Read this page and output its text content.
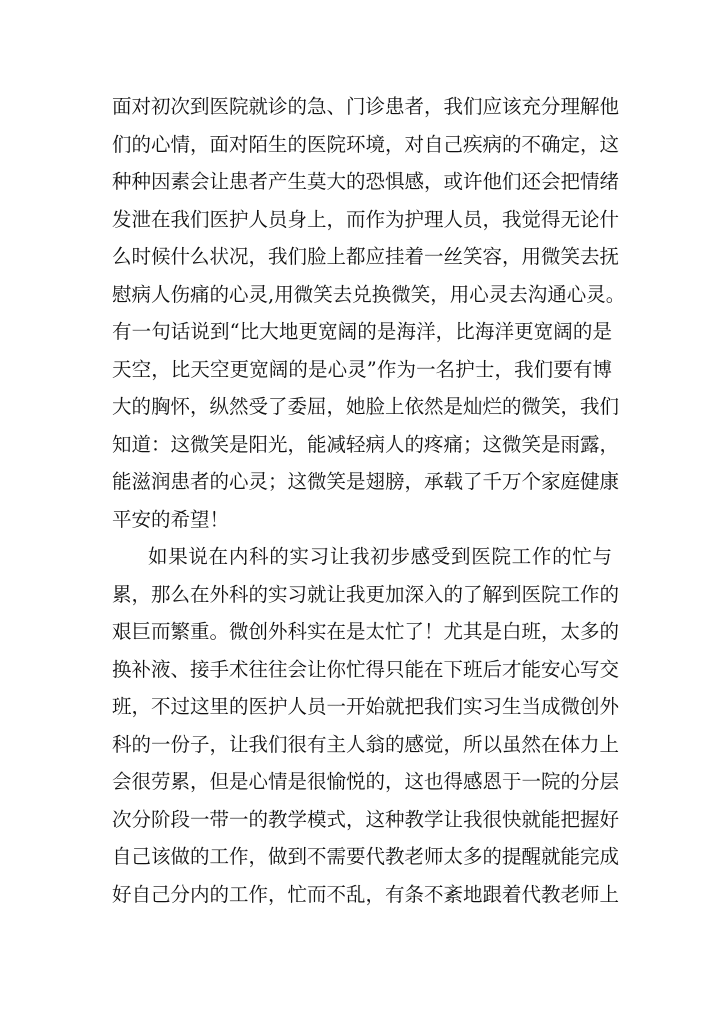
面对初次到医院就诊的急、门诊患者，我们应该充分理解他
们的心情，面对陌生的医院环境，对自己疾病的不确定，这
种种因素会让患者产生莫大的恐惧感，或许他们还会把情绪
发泄在我们医护人员身上，而作为护理人员，我觉得无论什
么时候什么状况，我们脸上都应挂着一丝笑容，用微笑去抚
慰病人伤痛的心灵,用微笑去兑换微笑，用心灵去沟通心灵。
有一句话说到“比大地更宽阔的是海洋，比海洋更宽阔的是
天空，比天空更宽阔的是心灵”作为一名护士，我们要有博
大的胸怀，纵然受了委屈，她脸上依然是灿烂的微笑，我们
知道：这微笑是阳光，能减轻病人的疼痛；这微笑是雨露，
能滋润患者的心灵；这微笑是翅膀，承载了千万个家庭健康
平安的希望！
如果说在内科的实习让我初步感受到医院工作的忙与
累，那么在外科的实习就让我更加深入的了解到医院工作的
艰巨而繁重。微创外科实在是太忙了！尤其是白班，太多的
换补液、接手术往往会让你忙得只能在下班后才能安心写交
班，不过这里的医护人员一开始就把我们实习生当成微创外
科的一份子，让我们很有主人翁的感觉，所以虽然在体力上
会很劳累，但是心情是很愉悦的，这也得感恩于一院的分层
次分阶段一带一的教学模式，这种教学让我很快就能把握好
自己该做的工作，做到不需要代教老师太多的提醒就能完成
好自己分内的工作，忙而不乱，有条不紊地跟着代教老师上
